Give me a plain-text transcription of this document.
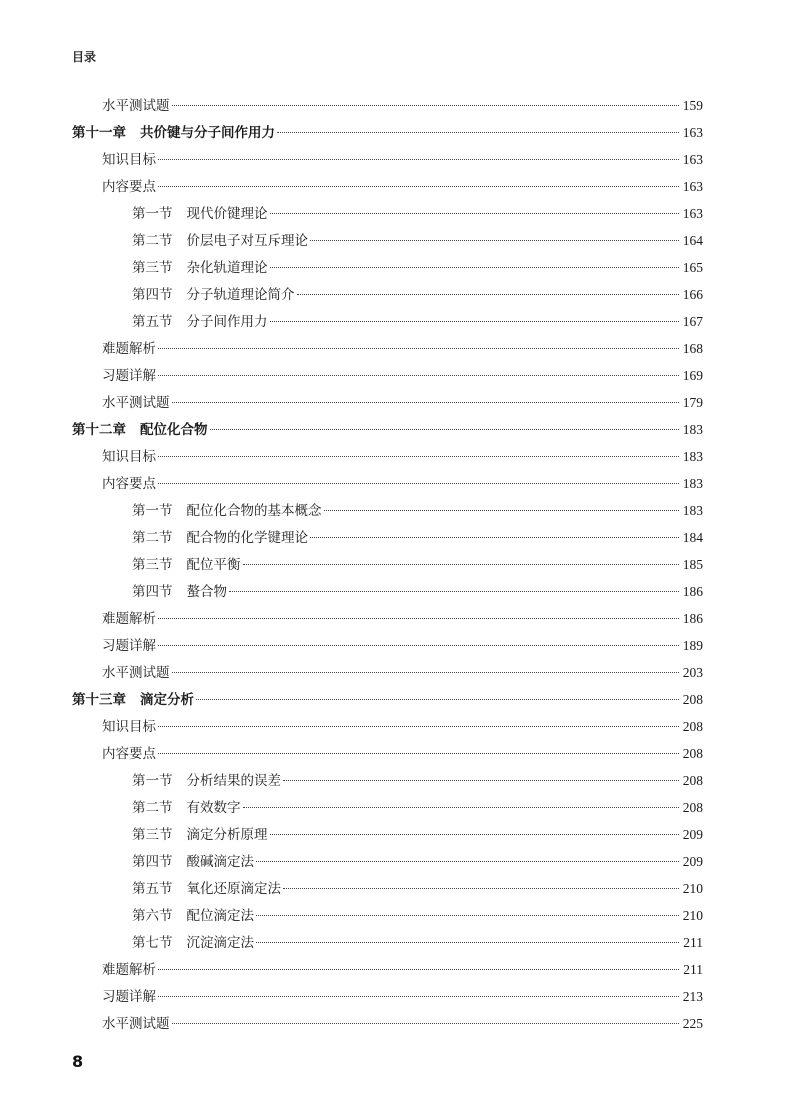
目录
水平测试题	159
第十一章 共价键与分子间作用力	163
知识目标	163
内容要点	163
第一节 现代价键理论	163
第二节 价层电子对互斥理论	164
第三节 杂化轨道理论	165
第四节 分子轨道理论简介	166
第五节 分子间作用力	167
难题解析	168
习题详解	169
水平测试题	179
第十二章 配位化合物	183
知识目标	183
内容要点	183
第一节 配位化合物的基本概念	183
第二节 配合物的化学键理论	184
第三节 配位平衡	185
第四节 螯合物	186
难题解析	186
习题详解	189
水平测试题	203
第十三章 滴定分析	208
知识目标	208
内容要点	208
第一节 分析结果的误差	208
第二节 有效数字	208
第三节 滴定分析原理	209
第四节 酸碱滴定法	209
第五节 氧化还原滴定法	210
第六节 配位滴定法	210
第七节 沉淀滴定法	211
难题解析	211
习题详解	213
水平测试题	225
8
